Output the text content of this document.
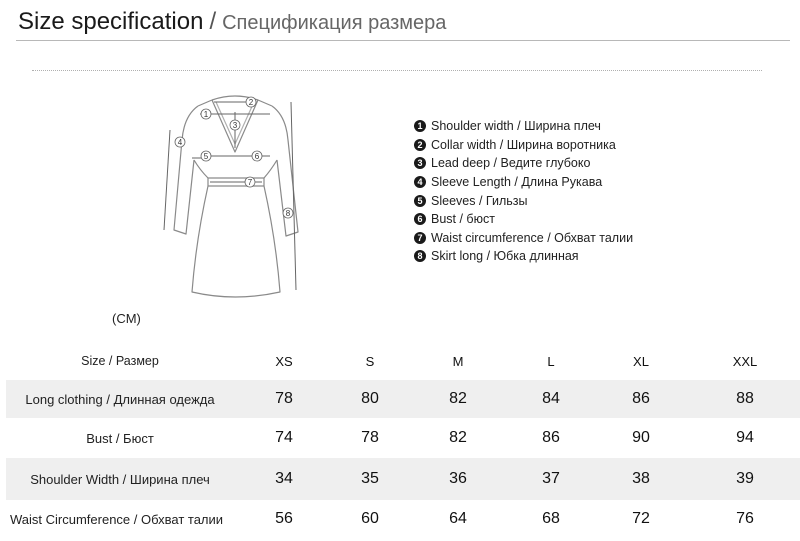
Size specification / Спецификация размера
1
2
3
4
5	6
7
8
(CM)
1 Shoulder width / Ширина плеч
2 Collar width / Ширина воротника
3 Lead deep / Ведите глубоко
4 Sleeve Length / Длина Рукава
5 Sleeves / Гильзы
6 Bust / бюст
7 Waist circumference / Обхват талии
8 Skirt long / Юбка длинная
Size / Размер	XS	S	M	L	XL	XXL
Long clothing / Длинная одежда	78	80	82	84	86	88
Bust / Бюст	74	78	82	86	90	94
Shoulder Width / Ширина плеч	34	35	36	37	38	39
Waist Circumference / Обхват талии	56	60	64	68	72	76
